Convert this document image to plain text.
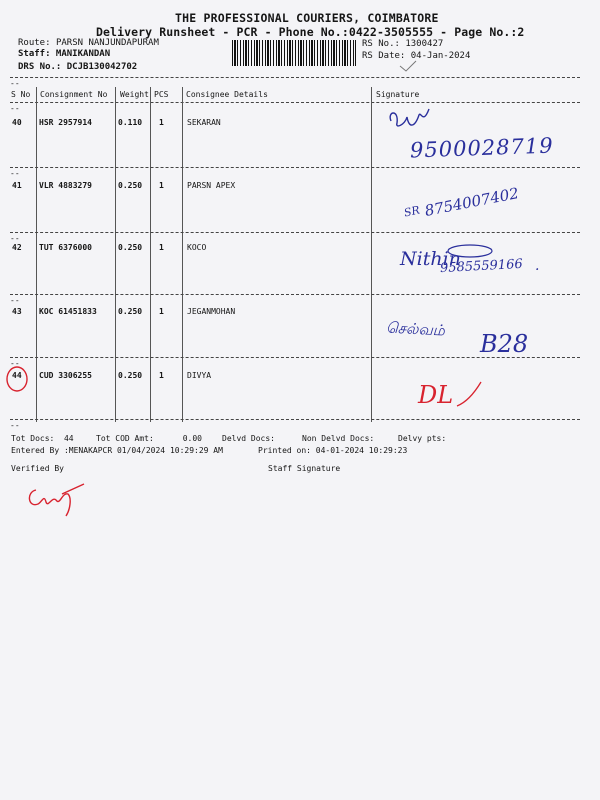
THE PROFESSIONAL COURIERS, COIMBATORE
Delivery Runsheet - PCR - Phone No.:0422-3505555 - Page No.:2
Route: PARSN NANJUNDAPURAM
Staff: MANIKANDAN
DRS No.: DCJB130042702
RS No.: 1300427
RS Date: 04-Jan-2024
--
S No Consignment No Weight PCS Consignee Details	Signature
--
40 HSR 2957914	0.110 1	SEKARAN
9500028719
--
41 VLR 4883279	0.250 1	PARSN APEX
SR 8754007402
--
42 TUT 6376000	0.250 1	KOCO
Nithin
9585559166 .
--
43 KOC 61451833	0.250 1	JEGANMOHAN
செல்வம்
B28
--
44 CUD 3306255	0.250 1	DIVYA
DL
--
Tot Docs:  44	Tot COD Amt:      0.00	Delvd Docs:	Non Delvd Docs:	Delvy pts:
Entered By :MENAKAPCR 01/04/2024 10:29:29 AM	Printed on: 04-01-2024 10:29:23
Verified By	Staff Signature
